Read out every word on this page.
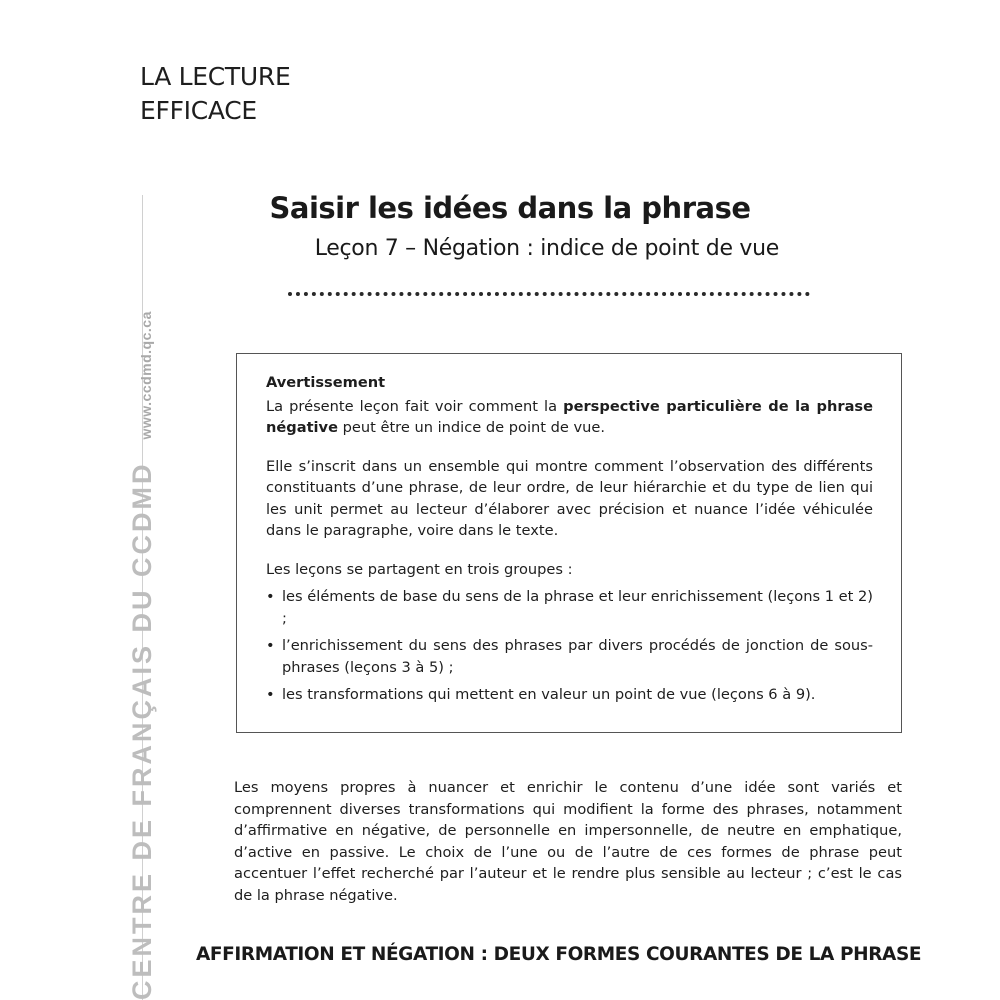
LA LECTURE
EFFICACE
CENTRE DE FRANÇAIS DU CCDMDwww.ccdmd.qc.ca
Saisir les idées dans la phrase
Leçon 7 – Négation : indice de point de vue
Avertissement

La présente leçon fait voir comment la perspective particulière de la phrase négative peut être un indice de point de vue.

Elle s’inscrit dans un ensemble qui montre comment l’observation des différents constituants d’une phrase, de leur ordre, de leur hiérarchie et du type de lien qui les unit permet au lecteur d’élaborer avec précision et nuance l’idée véhiculée dans le paragraphe, voire dans le texte.

Les leçons se partagent en trois groupes :

• les éléments de base du sens de la phrase et leur enrichissement (leçons 1 et 2) ;
• l’enrichissement du sens des phrases par divers procédés de jonction de sous-phrases (leçons 3 à 5) ;
• les transformations qui mettent en valeur un point de vue (leçons 6 à 9).

Les moyens propres à nuancer et enrichir le contenu d’une idée sont variés et comprennent diverses transformations qui modifient la forme des phrases, notamment d’affirmative en négative, de personnelle en impersonnelle, de neutre en emphatique, d’active en passive. Le choix de l’une ou de l’autre de ces formes de phrase peut accentuer l’effet recherché par l’auteur et le rendre plus sensible au lecteur ; c’est le cas de la phrase négative.

AFFIRMATION ET NÉGATION : DEUX FORMES COURANTES DE LA PHRASE
